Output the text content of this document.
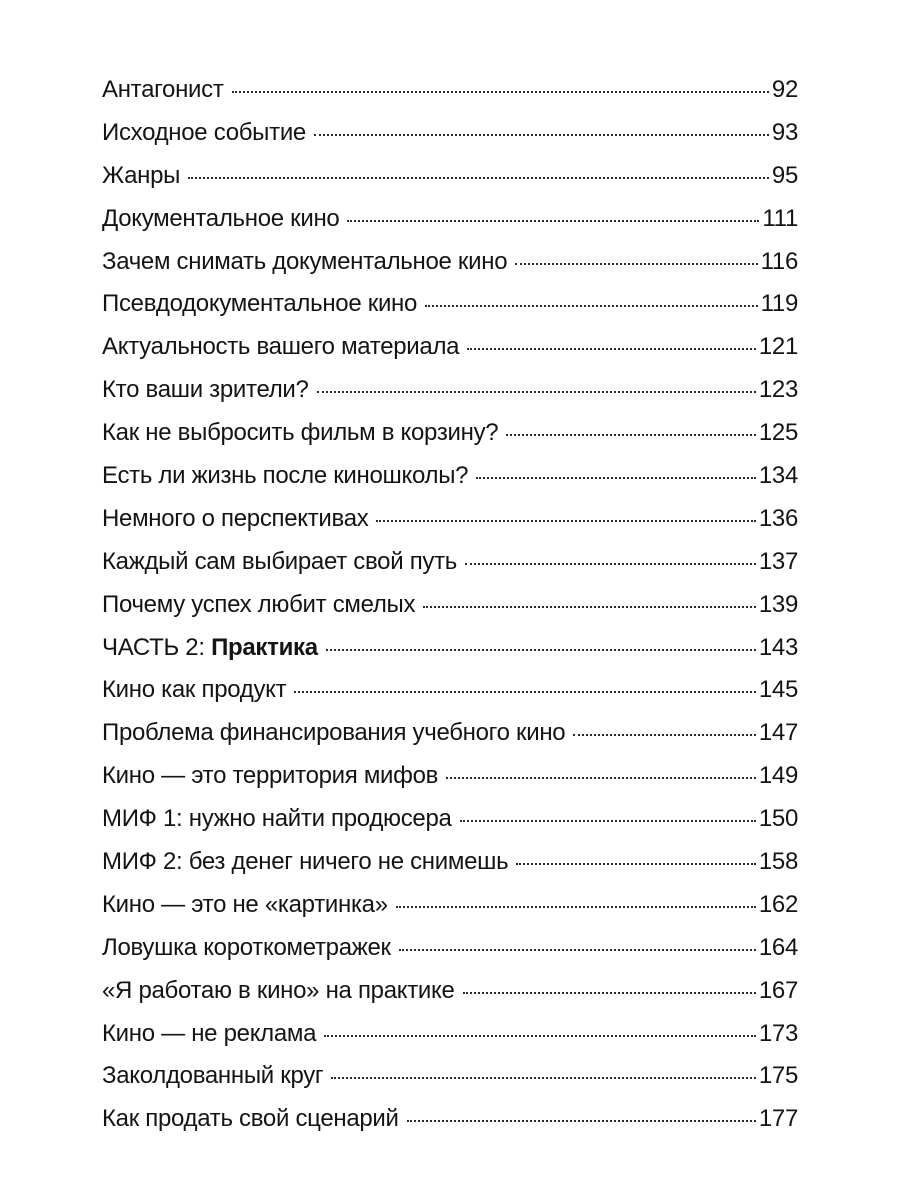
Антагонист	92
Исходное событие	93
Жанры	95
Документальное кино	111
Зачем снимать документальное кино	116
Псевдодокументальное кино	119
Актуальность вашего материала	121
Кто ваши зрители?	123
Как не выбросить фильм в корзину?	125
Есть ли жизнь после киношколы?	134
Немного о перспективах	136
Каждый сам выбирает свой путь	137
Почему успех любит смелых	139
ЧАСТЬ 2: Практика	143
Кино как продукт	145
Проблема финансирования учебного кино	147
Кино — это территория мифов	149
МИФ 1: нужно найти продюсера	150
МИФ 2: без денег ничего не снимешь	158
Кино — это не «картинка»	162
Ловушка короткометражек	164
«Я работаю в кино» на практике	167
Кино — не реклама	173
Заколдованный круг	175
Как продать свой сценарий	177
